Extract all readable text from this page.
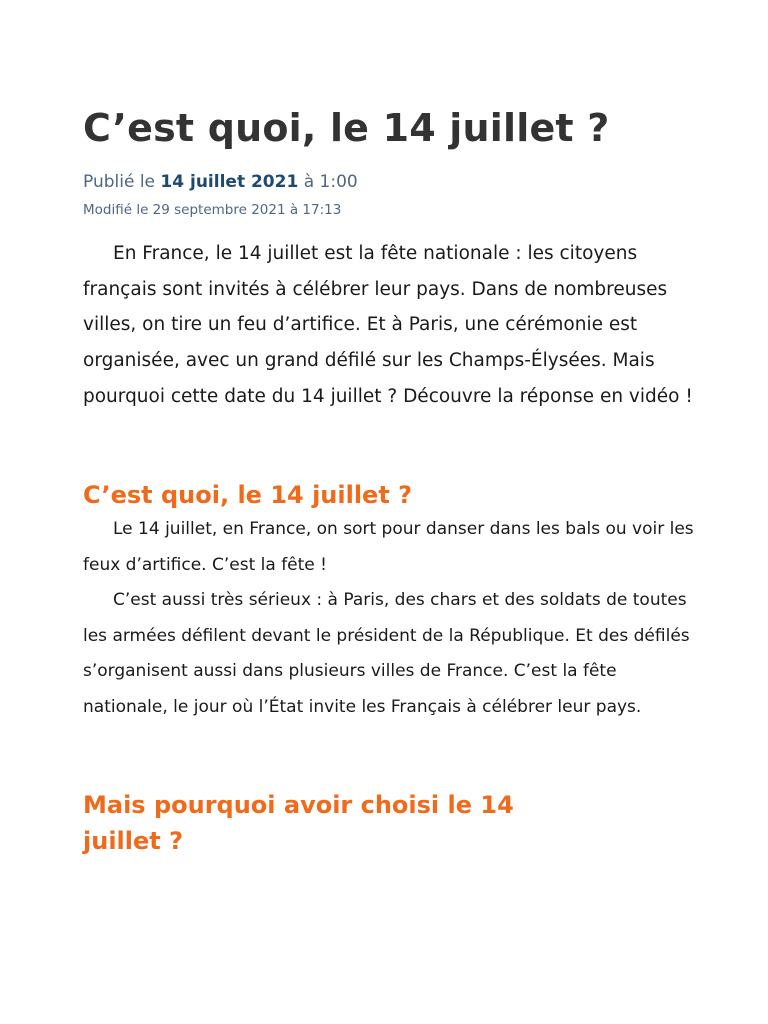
C’est quoi, le 14 juillet ?
Publié le 14 juillet 2021 à 1:00
Modifié le 29 septembre 2021 à 17:13

En France, le 14 juillet est la fête nationale : les citoyens français sont invités à célébrer leur pays. Dans de nombreuses villes, on tire un feu d’artifice. Et à Paris, une cérémonie est organisée, avec un grand défilé sur les Champs-Élysées. Mais pourquoi cette date du 14 juillet ? Découvre la réponse en vidéo !

C’est quoi, le 14 juillet ?

Le 14 juillet, en France, on sort pour danser dans les bals ou voir les feux d’artifice. C’est la fête !

C’est aussi très sérieux : à Paris, des chars et des soldats de toutes les armées défilent devant le président de la République. Et des défilés s’organisent aussi dans plusieurs villes de France. C’est la fête nationale, le jour où l’État invite les Français à célébrer leur pays.

Mais pourquoi avoir choisi le 14 juillet ?
